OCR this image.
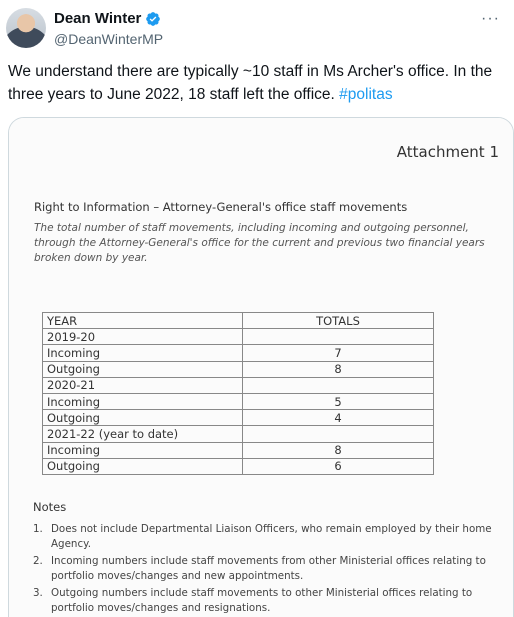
Dean Winter
@DeanWinterMP
···
We understand there are typically ~10 staff in Ms Archer's office. In the three years to June 2022, 18 staff left the office. #politas
Attachment 1
Right to Information – Attorney-General's office staff movements
The total number of staff movements, including incoming and outgoing personnel, through the Attorney-General's office for the current and previous two financial years broken down by year.
YEAR	TOTALS
2019-20	
Incoming	7
Outgoing	8
2020-21	
Incoming	5
Outgoing	4
2021-22 (year to date)	
Incoming	8
Outgoing	6
Notes
1. Does not include Departmental Liaison Officers, who remain employed by their home Agency.
2. Incoming numbers include staff movements from other Ministerial offices relating to portfolio moves/changes and new appointments.
3. Outgoing numbers include staff movements to other Ministerial offices relating to portfolio moves/changes and resignations.
